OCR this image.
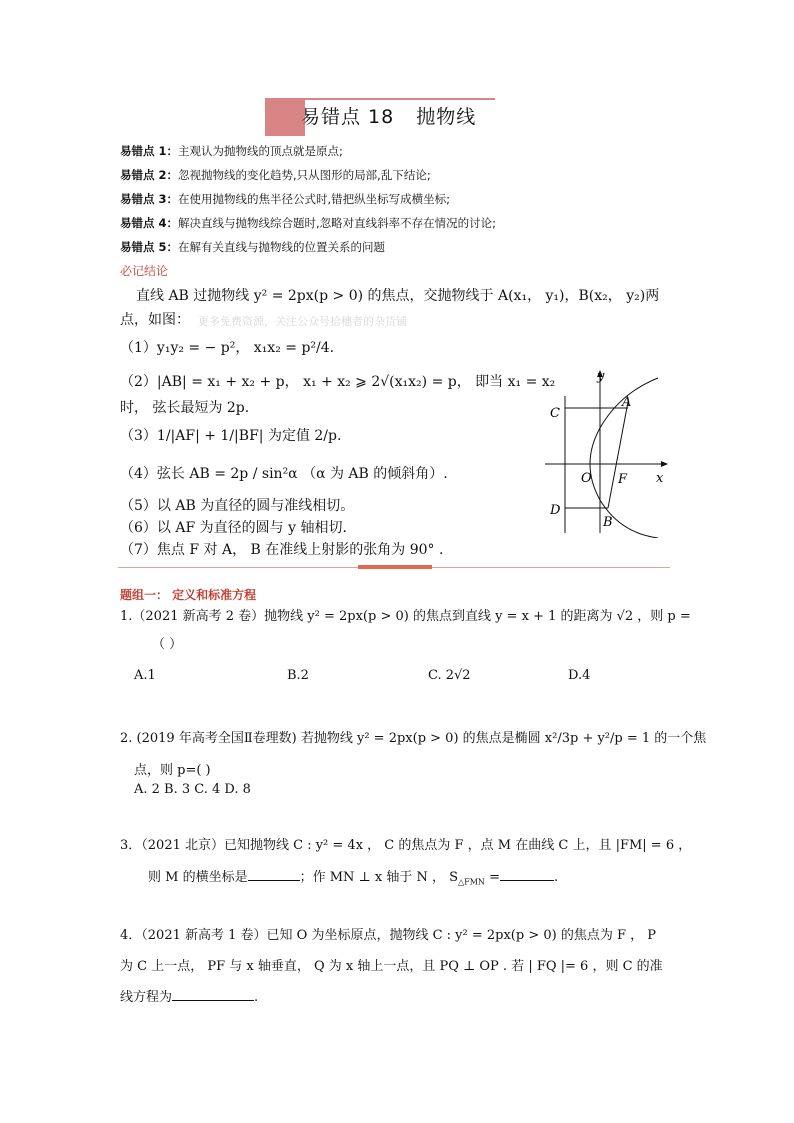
易错点 18 抛物线
易错点 1：主观认为抛物线的顶点就是原点;
易错点 2：忽视抛物线的变化趋势,只从图形的局部,乱下结论;
易错点 3：在使用抛物线的焦半径公式时,错把纵坐标写成横坐标;
易错点 4：解决直线与抛物线综合题时,忽略对直线斜率不存在情况的讨论;
易错点 5：在解有关直线与抛物线的位置关系的问题
必记结论
直线 AB 过抛物线 y² = 2px(p > 0) 的焦点，交抛物线于 A(x₁， y₁)，B(x₂， y₂)两
点，如图： 更多免费资源，关注公众号拾穗者的杂货铺
（1）y₁y₂ = − p²， x₁x₂ = p²/4.
（2）|AB| = x₁ + x₂ + p， x₁ + x₂ ⩾ 2√(x₁x₂) = p， 即当 x₁ = x₂
时， 弦长最短为 2p.
（3）1/|AF| + 1/|BF| 为定值 2/p.
（4）弦长 AB = 2p / sin²α （α 为 AB 的倾斜角）.
（5）以 AB 为直径的圆与准线相切。
（6）以 AF 为直径的圆与 y 轴相切.
（7）焦点 F 对 A， B 在准线上射影的张角为 90° .
y
x
A
C
O F
D
B
题组一： 定义和标准方程
1.（2021 新高考 2 卷）抛物线 y² = 2px(p > 0) 的焦点到直线 y = x + 1 的距离为 √2 ，则 p =
（ ）
A.1	B.2	C. 2√2	D.4
2. (2019 年高考全国Ⅱ卷理数) 若抛物线 y² = 2px(p > 0) 的焦点是椭圆 x²/3p + y²/p = 1 的一个焦
点，则 p=( )
A. 2 B. 3 C. 4 D. 8
3．（2021 北京）已知抛物线 C : y² = 4x ， C 的焦点为 F ，点 M 在曲线 C 上，且 |FM| = 6 ，
则 M 的横坐标是	；作 MN ⊥ x 轴于 N ， $S_{\triangle FMN}$ =	.
4．（2021 新高考 1 卷）已知 O 为坐标原点，抛物线 C : y² = 2px(p > 0) 的焦点为 F ， P
为 C 上一点， PF 与 x 轴垂直， Q 为 x 轴上一点，且 PQ ⊥ OP . 若 | FQ |= 6 ，则 C 的准
线方程为	.
